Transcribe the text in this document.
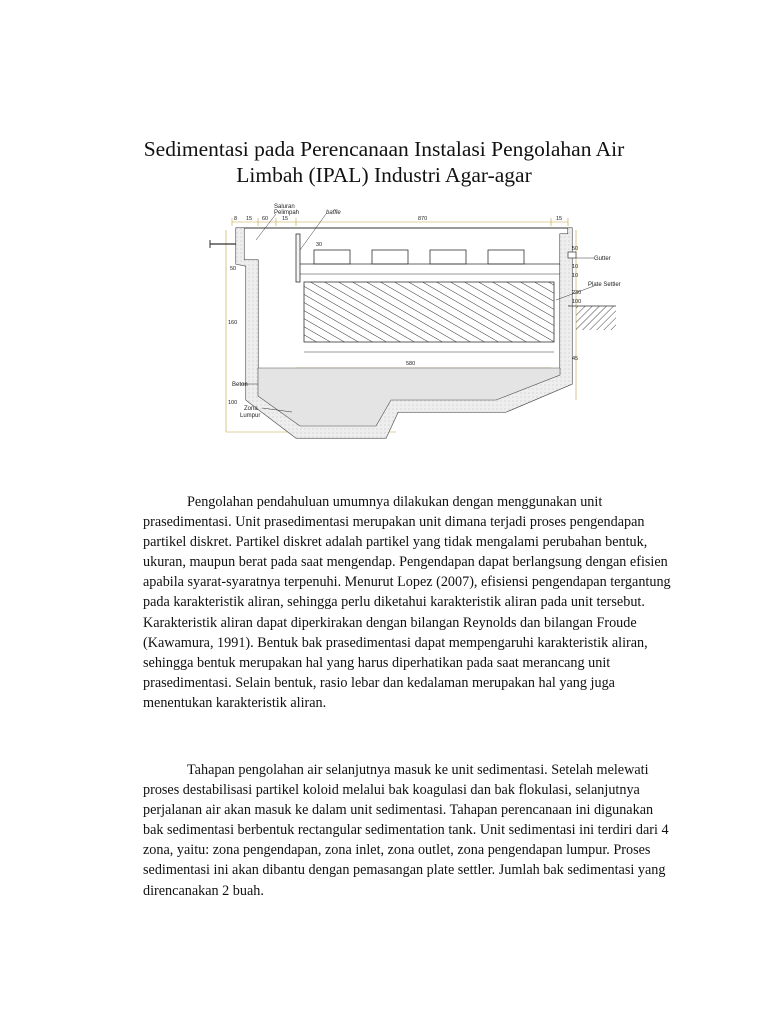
Sedimentasi pada Perencanaan Instalasi Pengolahan Air
Limbah (IPAL) Industri Agar-agar
8 15 60	15	870	15
30
50
10
10
230
100
45
160
50
580
100
Saluran
Pelimpah	baffle
Gutter
Plate Settler
Beton
Zona
Lumpur

Pengolahan pendahuluan umumnya dilakukan dengan menggunakan unit prasedimentasi. Unit prasedimentasi merupakan unit dimana terjadi proses pengendapan partikel diskret. Partikel diskret adalah partikel yang tidak mengalami perubahan bentuk, ukuran, maupun berat pada saat mengendap. Pengendapan dapat berlangsung dengan efisien apabila syarat-syaratnya terpenuhi. Menurut Lopez (2007), efisiensi pengendapan tergantung pada karakteristik aliran, sehingga perlu diketahui karakteristik aliran pada unit tersebut. Karakteristik aliran dapat diperkirakan dengan bilangan Reynolds dan bilangan Froude (Kawamura, 1991). Bentuk bak prasedimentasi dapat mempengaruhi karakteristik aliran, sehingga bentuk merupakan hal yang harus diperhatikan pada saat merancang unit prasedimentasi. Selain bentuk, rasio lebar dan kedalaman merupakan hal yang juga menentukan karakteristik aliran.

Tahapan pengolahan air selanjutnya masuk ke unit sedimentasi. Setelah melewati proses destabilisasi partikel koloid melalui bak koagulasi dan bak flokulasi, selanjutnya perjalanan air akan masuk ke dalam unit sedimentasi. Tahapan perencanaan ini digunakan bak sedimentasi berbentuk rectangular sedimentation tank. Unit sedimentasi ini terdiri dari 4 zona, yaitu: zona pengendapan, zona inlet, zona outlet, zona pengendapan lumpur. Proses sedimentasi ini akan dibantu dengan pemasangan plate settler. Jumlah bak sedimentasi yang direncanakan 2 buah.
